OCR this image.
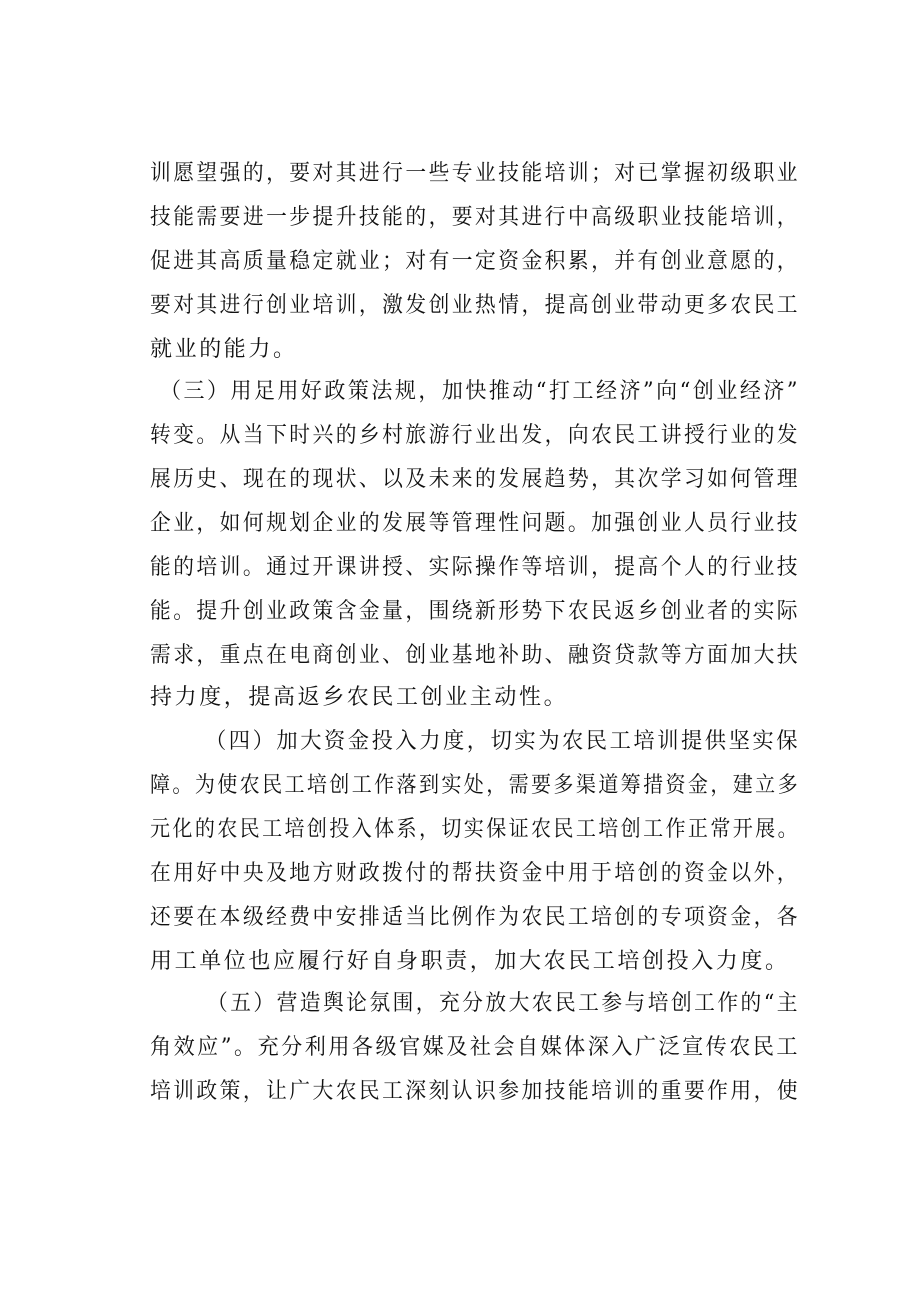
训愿望强的，要对其进行一些专业技能培训；对已掌握初级职业
技能需要进一步提升技能的，要对其进行中高级职业技能培训，
促进其高质量稳定就业；对有一定资金积累，并有创业意愿的，
要对其进行创业培训，激发创业热情，提高创业带动更多农民工
就业的能力。
（三）用足用好政策法规，加快推动“打工经济”向“创业经济”
转变。从当下时兴的乡村旅游行业出发，向农民工讲授行业的发
展历史、现在的现状、以及未来的发展趋势，其次学习如何管理
企业，如何规划企业的发展等管理性问题。加强创业人员行业技
能的培训。通过开课讲授、实际操作等培训，提高个人的行业技
能。提升创业政策含金量，围绕新形势下农民返乡创业者的实际
需求，重点在电商创业、创业基地补助、融资贷款等方面加大扶
持力度，提高返乡农民工创业主动性。
（四）加大资金投入力度，切实为农民工培训提供坚实保
障。为使农民工培创工作落到实处，需要多渠道筹措资金，建立多
元化的农民工培创投入体系，切实保证农民工培创工作正常开展。
在用好中央及地方财政拨付的帮扶资金中用于培创的资金以外，
还要在本级经费中安排适当比例作为农民工培创的专项资金，各
用工单位也应履行好自身职责，加大农民工培创投入力度。
（五）营造舆论氛围，充分放大农民工参与培创工作的“主
角效应”。充分利用各级官媒及社会自媒体深入广泛宣传农民工
培训政策，让广大农民工深刻认识参加技能培训的重要作用，使
